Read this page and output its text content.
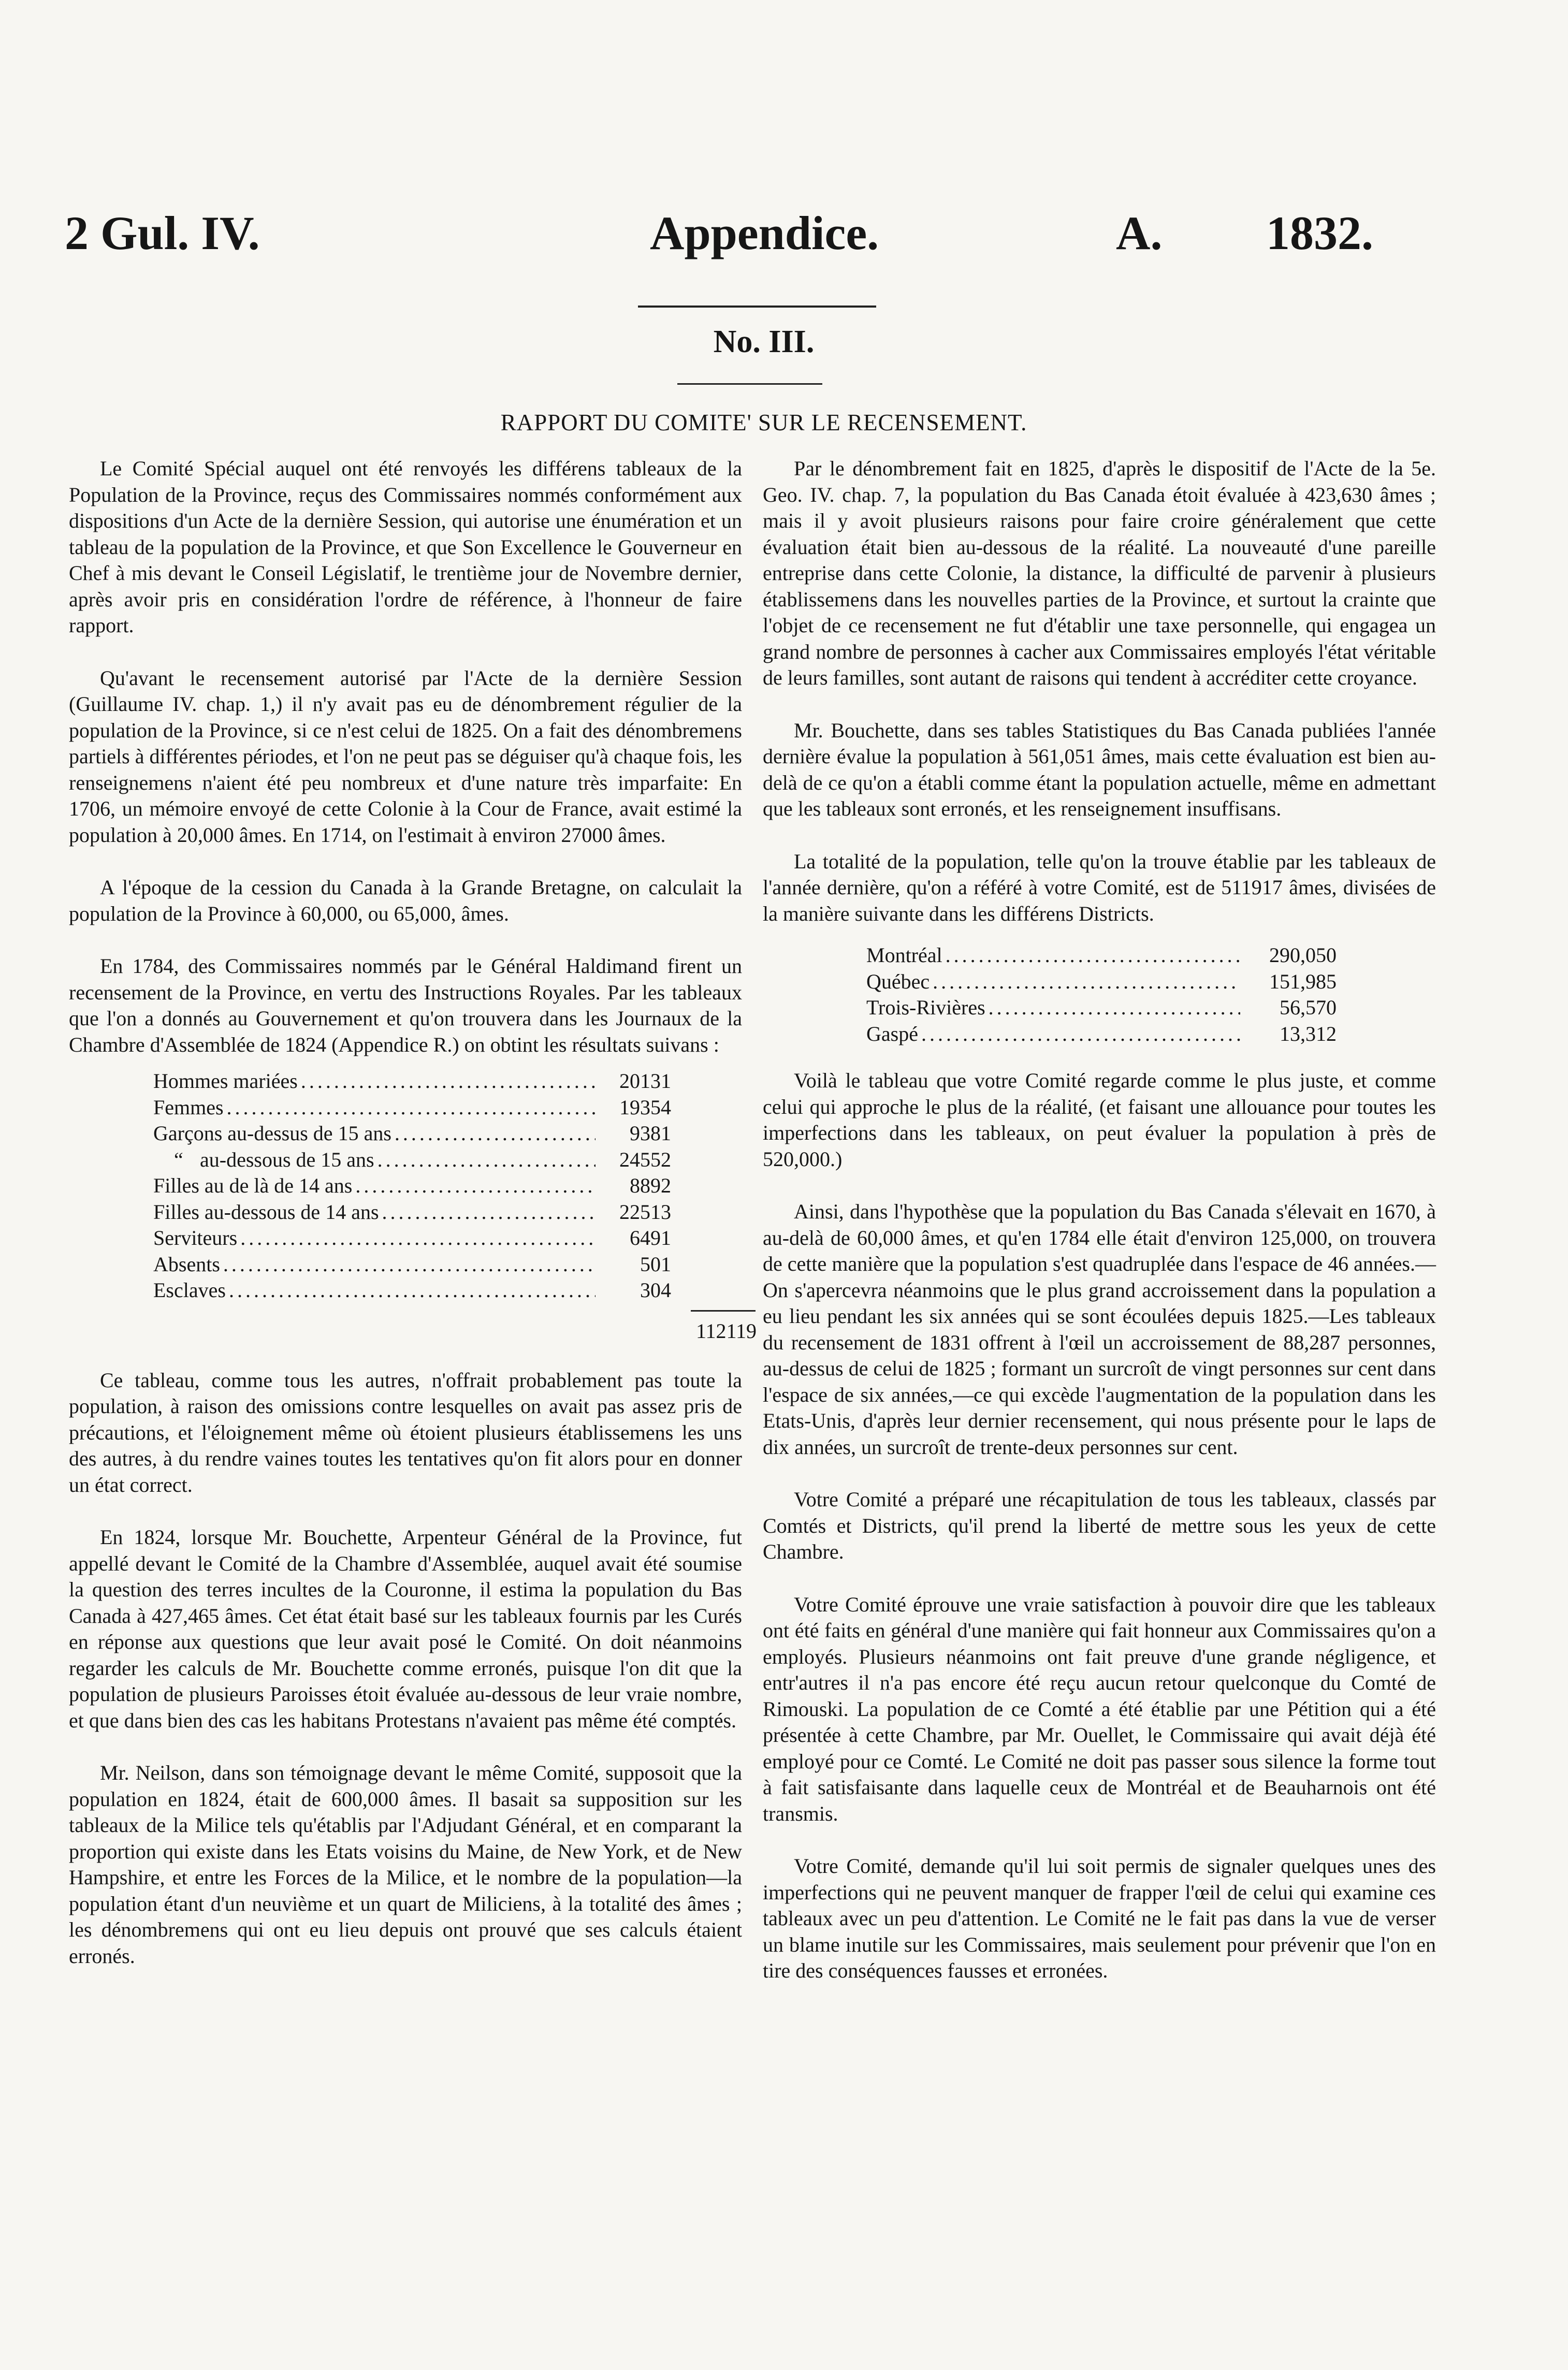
2 Gul. IV.	Appendice.	A. 1832.
No. III.
RAPPORT DU COMITE' SUR LE RECENSEMENT.

Le Comité Spécial auquel ont été renvoyés les différens tableaux de la Population de la Province, reçus des Commissaires nommés conformément aux dispositions d'un Acte de la dernière Session, qui autorise une énumération et un tableau de la population de la Province, et que Son Excellence le Gouverneur en Chef à mis devant le Conseil Législatif, le trentième jour de Novembre dernier, après avoir pris en considération l'ordre de référence, à l'honneur de faire rapport.

Qu'avant le recensement autorisé par l'Acte de la dernière Session (Guillaume IV. chap. 1,) il n'y avait pas eu de dénombrement régulier de la population de la Province, si ce n'est celui de 1825. On a fait des dénombremens partiels à différentes périodes, et l'on ne peut pas se déguiser qu'à chaque fois, les renseignemens n'aient été peu nombreux et d'une nature très imparfaite: En 1706, un mémoire envoyé de cette Colonie à la Cour de France, avait estimé la population à 20,000 âmes. En 1714, on l'estimait à environ 27000 âmes.

A l'époque de la cession du Canada à la Grande Bretagne, on calculait la population de la Province à 60,000, ou 65,000, âmes.

En 1784, des Commissaires nommés par le Général Haldimand firent un recensement de la Province, en vertu des Instructions Royales. Par les tableaux que l'on a donnés au Gouvernement et qu'on trouvera dans les Journaux de la Chambre d'Assemblée de 1824 (Appendice R.) on obtint les résultats suivans :

Hommes mariées .....	20131
Femmes .....	19354
Garçons au-dessus de 15 ans .....	9381
“ au-dessous de 15 ans .....	24552
Filles au de là de 14 ans .....	8892
Filles au-dessous de 14 ans .....	22513
Serviteurs .....	6491
Absents .....	501
Esclaves .....	304
112119

Ce tableau, comme tous les autres, n'offrait probablement pas toute la population, à raison des omissions contre lesquelles on avait pas assez pris de précautions, et l'éloignement même où étoient plusieurs établissemens les uns des autres, à du rendre vaines toutes les tentatives qu'on fit alors pour en donner un état correct.

En 1824, lorsque Mr. Bouchette, Arpenteur Général de la Province, fut appellé devant le Comité de la Chambre d'Assemblée, auquel avait été soumise la question des terres incultes de la Couronne, il estima la population du Bas Canada à 427,465 âmes. Cet état était basé sur les tableaux fournis par les Curés en réponse aux questions que leur avait posé le Comité. On doit néanmoins regarder les calculs de Mr. Bouchette comme erronés, puisque l'on dit que la population de plusieurs Paroisses étoit évaluée au-dessous de leur vraie nombre, et que dans bien des cas les habitans Protestans n'avaient pas même été comptés.

Mr. Neilson, dans son témoignage devant le même Comité, supposoit que la population en 1824, était de 600,000 âmes. Il basait sa supposition sur les tableaux de la Milice tels qu'établis par l'Adjudant Général, et en comparant la proportion qui existe dans les Etats voisins du Maine, de New York, et de New Hampshire, et entre les Forces de la Milice, et le nombre de la population—la population étant d'un neuvième et un quart de Miliciens, à la totalité des âmes ; les dénombremens qui ont eu lieu depuis ont prouvé que ses calculs étaient erronés.

Par le dénombrement fait en 1825, d'après le dispositif de l'Acte de la 5e. Geo. IV. chap. 7, la population du Bas Canada étoit évaluée à 423,630 âmes ; mais il y avoit plusieurs raisons pour faire croire généralement que cette évaluation était bien au-dessous de la réalité. La nouveauté d'une pareille entreprise dans cette Colonie, la distance, la difficulté de parvenir à plusieurs établissemens dans les nouvelles parties de la Province, et surtout la crainte que l'objet de ce recensement ne fut d'établir une taxe personnelle, qui engagea un grand nombre de personnes à cacher aux Commissaires employés l'état véritable de leurs familles, sont autant de raisons qui tendent à accréditer cette croyance.

Mr. Bouchette, dans ses tables Statistiques du Bas Canada publiées l'année dernière évalue la population à 561,051 âmes, mais cette évaluation est bien au-delà de ce qu'on a établi comme étant la population actuelle, même en admettant que les tableaux sont erronés, et les renseignement insuffisans.

La totalité de la population, telle qu'on la trouve établie par les tableaux de l'année dernière, qu'on a référé à votre Comité, est de 511917 âmes, divisées de la manière suivante dans les différens Districts.

Montréal .....	290,050
Québec .....	151,985
Trois-Rivières .....	56,570
Gaspé .....	13,312

Voilà le tableau que votre Comité regarde comme le plus juste, et comme celui qui approche le plus de la réalité, (et faisant une allouance pour toutes les imperfections dans les tableaux, on peut évaluer la population à près de 520,000.)

Ainsi, dans l'hypothèse que la population du Bas Canada s'élevait en 1670, à au-delà de 60,000 âmes, et qu'en 1784 elle était d'environ 125,000, on trouvera de cette manière que la population s'est quadruplée dans l'espace de 46 années.—On s'apercevra néanmoins que le plus grand accroissement dans la population a eu lieu pendant les six années qui se sont écoulées depuis 1825.—Les tableaux du recensement de 1831 offrent à l'œil un accroissement de 88,287 personnes, au-dessus de celui de 1825 ; formant un surcroît de vingt personnes sur cent dans l'espace de six années,—ce qui excède l'augmentation de la population dans les Etats-Unis, d'après leur dernier recensement, qui nous présente pour le laps de dix années, un surcroît de trente-deux personnes sur cent.

Votre Comité a préparé une récapitulation de tous les tableaux, classés par Comtés et Districts, qu'il prend la liberté de mettre sous les yeux de cette Chambre.

Votre Comité éprouve une vraie satisfaction à pouvoir dire que les tableaux ont été faits en général d'une manière qui fait honneur aux Commissaires qu'on a employés. Plusieurs néanmoins ont fait preuve d'une grande négligence, et entr'autres il n'a pas encore été reçu aucun retour quelconque du Comté de Rimouski. La population de ce Comté a été établie par une Pétition qui a été présentée à cette Chambre, par Mr. Ouellet, le Commissaire qui avait déjà été employé pour ce Comté. Le Comité ne doit pas passer sous silence la forme tout à fait satisfaisante dans laquelle ceux de Montréal et de Beauharnois ont été transmis.

Votre Comité, demande qu'il lui soit permis de signaler quelques unes des imperfections qui ne peuvent manquer de frapper l'œil de celui qui examine ces tableaux avec un peu d'attention. Le Comité ne le fait pas dans la vue de verser un blame inutile sur les Commissaires, mais seulement pour prévenir que l'on en tire des conséquences fausses et erronées.
